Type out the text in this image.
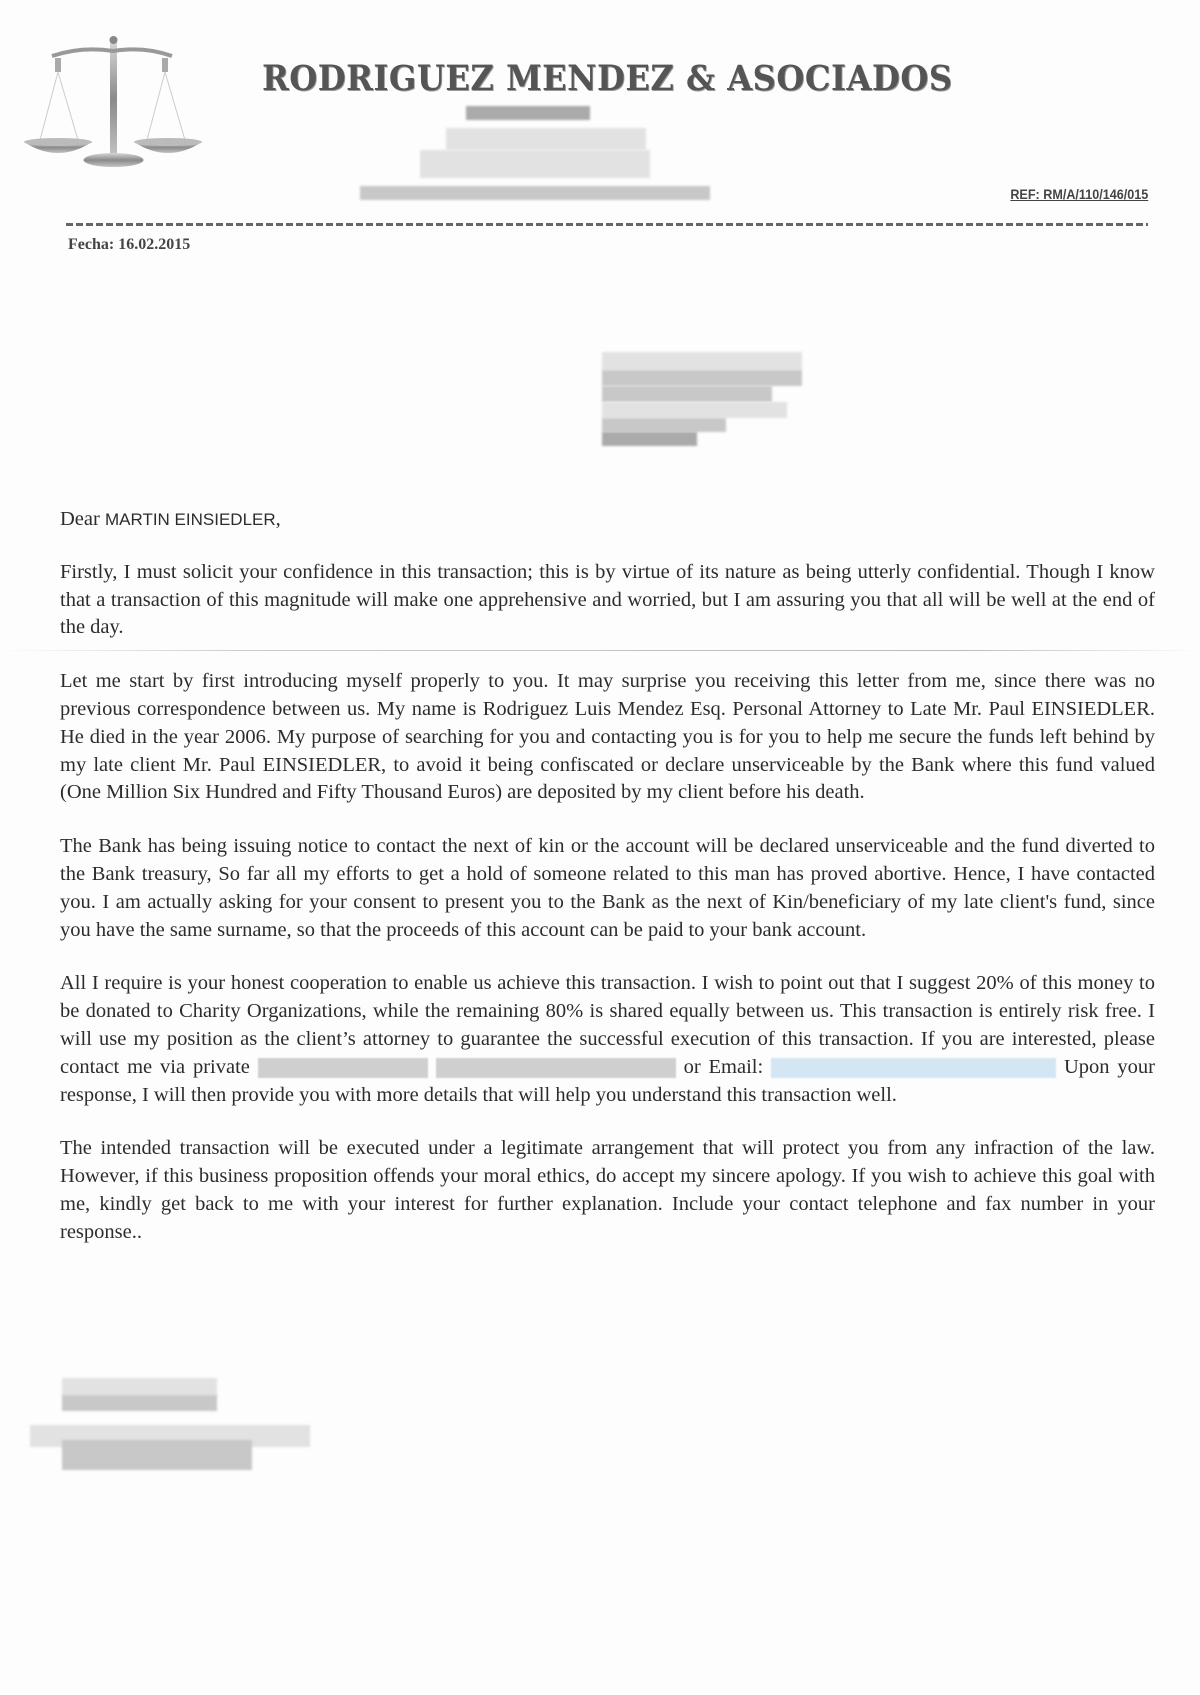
RODRIGUEZ MENDEZ & ASOCIADOS
REF: RM/A/110/146/015
Fecha: 16.02.2015

Dear MARTIN EINSIEDLER,

Firstly, I must solicit your confidence in this transaction; this is by virtue of its nature as being utterly confidential. Though I know that a transaction of this magnitude will make one apprehensive and worried, but I am assuring you that all will be well at the end of the day.

Let me start by first introducing myself properly to you. It may surprise you receiving this letter from me, since there was no previous correspondence between us. My name is Rodriguez Luis Mendez Esq. Personal Attorney to Late Mr. Paul EINSIEDLER. He died in the year 2006. My purpose of searching for you and contacting you is for you to help me secure the funds left behind by my late client Mr. Paul EINSIEDLER, to avoid it being confiscated or declare unserviceable by the Bank where this fund valued (One Million Six Hundred and Fifty Thousand Euros) are deposited by my client before his death.

The Bank has being issuing notice to contact the next of kin or the account will be declared unserviceable and the fund diverted to the Bank treasury, So far all my efforts to get a hold of someone related to this man has proved abortive. Hence, I have contacted you. I am actually asking for your consent to present you to the Bank as the next of Kin/beneficiary of my late client's fund, since you have the same surname, so that the proceeds of this account can be paid to your bank account.

All I require is your honest cooperation to enable us achieve this transaction. I wish to point out that I suggest 20% of this money to be donated to Charity Organizations, while the remaining 80% is shared equally between us. This transaction is entirely risk free. I will use my position as the client’s attorney to guarantee the successful execution of this transaction. If you are interested, please contact me via private	or Email:	Upon your response, I will then provide you with more details that will help you understand this transaction well.

The intended transaction will be executed under a legitimate arrangement that will protect you from any infraction of the law. However, if this business proposition offends your moral ethics, do accept my sincere apology. If you wish to achieve this goal with me, kindly get back to me with your interest for further explanation. Include your contact telephone and fax number in your response..
